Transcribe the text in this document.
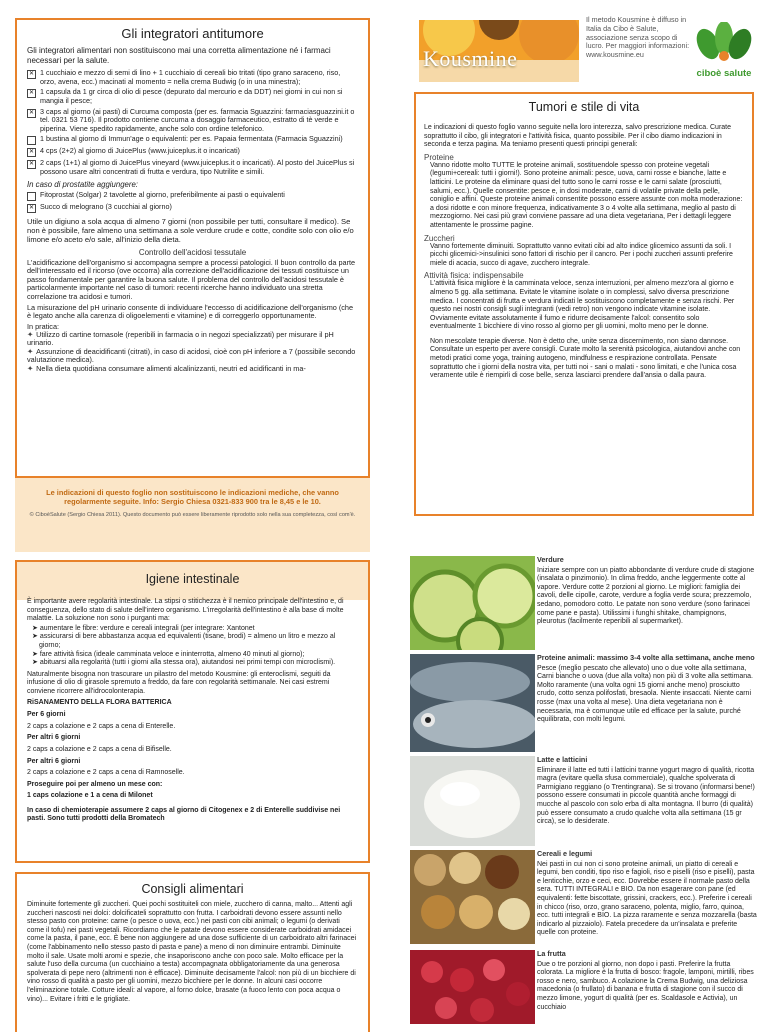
Gli integratori antitumore

Gli integratori alimentari non sostituiscono mai una corretta alimentazione né i farmaci necessari per la salute.

✕ 1 cucchiaio e mezzo di semi di lino + 1 cucchiaio di cereali bio tritati (tipo grano saraceno, riso, orzo, avena, ecc.) macinati al momento = nella crema Budwig (o in una minestra);
✕ 1 capsula da 1 gr circa di olio di pesce (depurato dal mercurio e da DDT) nei giorni in cui non si mangia il pesce;
✕ 3 caps al giorno (ai pasti) di Curcuma composta (per es. farmacia Sguazzini: farmaciasguazzini.it o tel. 0321 53 716). Il prodotto contiene curcuma a dosaggio farmaceutico, estratto di tè verde e piperina. Viene spedito rapidamente, anche solo con ordine telefonico.
1 bustina al giorno di Immun'age o equivalenti: per es. Papaia fermentata (Farmacia Sguazzini)
✕ 4 cps (2+2) al giorno di JuicePlus (www.juiceplus.it o incaricati)
✕ 2 caps (1+1) al giorno di JuicePlus vineyard (www.juiceplus.it o incaricati). Al posto del JuicePlus si possono usare altri concentrati di frutta e verdura, tipo Nutrilite e simili.

In caso di prostatite aggiungere:

Fitoprostat (Solgar) 2 tavolette al giorno, preferibilmente ai pasti o equivalenti
✕ Succo di melograno (3 cucchiai al giorno)

Utile un digiuno a sola acqua di almeno 7 giorni (non possibile per tutti, consultare il medico). Se non è possibile, fare almeno una settimana a sole verdure crude e cotte, condite solo con olio e/o limone e/o aceto e/o sale, all'inizio della dieta.

Controllo dell'acidosi tessutale

L'acidificazione dell'organismo si accompagna sempre a processi patologici. Il buon controllo da parte dell'interessato ed il ricorso (ove occorra) alla correzione dell'acidificazione dei tessuti costituisce un passo fondamentale per garantire la buona salute. Il problema del controllo dell'acidosi tessutale è particolarmente importante nel caso di tumori: recenti ricerche hanno individuato una stretta correlazione tra acidosi e tumori.

La misurazione del pH urinario consente di individuare l'eccesso di acidificazione dell'organismo (che è legato anche alla carenza di oligoelementi e vitamine) e di correggerlo opportunamente.

In pratica:

✦ Utilizzo di cartine tornasole (reperibili in farmacia o in negozi specializzati) per misurare il pH urinario.

✦ Assunzione di deacidificanti (citrati), in caso di acidosi, cioè con pH inferiore a 7 (possibile secondo valutazione medica).

✦ Nella dieta quotidiana consumare alimenti alcalinizzanti, neutri ed acidificanti in ma-

Le indicazioni di questo foglio non sostituiscono le indicazioni mediche, che vanno regolarmente seguite. Info: Sergio Chiesa 0321-833 900 tra le 8,45 e le 10.

© CiboèSalute (Sergio Chiesa 2011). Questo documento può essere liberamente riprodotto solo nella sua completezza, così com'è.

Kousmine

Il metodo Kousmine è diffuso in Italia da Cibo è Salute, associazione senza scopo di lucro. Per maggiori informazioni: www.kousmine.eu

ciboè salute
Tumori e stile di vita

Le indicazioni di questo foglio vanno seguite nella loro interezza, salvo prescrizione medica. Curate soprattutto il cibo, gli integratori e l'attività fisica, quanto possibile. Per il cibo diamo indicazioni in seconda e terza pagina. Ma teniamo presenti questi principi generali:

Proteine

Vanno ridotte molto TUTTE le proteine animali, sostituendole spesso con proteine vegetali (legumi+cereali: tutti i giorni!). Sono proteine animali: pesce, uova, carni rosse e bianche, latte e latticini. Le proteine da eliminare quasi del tutto sono le carni rosse e le carni salate (prosciutti, salumi, ecc.). Quelle consentite: pesce e, in dosi moderate, carni di volatile private della pelle, coniglio e affini. Queste proteine animali consentite possono essere assunte con molta moderazione: a dosi ridotte e con minore frequenza, indicativamente 3 o 4 volte alla settimana, meglio al pasto di mezzogiorno. Nei casi più gravi conviene passare ad una dieta vegetariana, Per i dettagli leggere attentamente le prossime pagine.

Zuccheri

Vanno fortemente diminuiti. Soprattutto vanno evitati cibi ad alto indice glicemico assunti da soli. I picchi glicemici->insulinici sono fattori di rischio per il cancro. Per i pochi zuccheri assunti preferire miele di acacia, succo di agave, zucchero integrale.

Attività fisica: indispensabile

L'attività fisica migliore è la camminata veloce, senza interruzioni, per almeno mezz'ora al giorno e almeno 5 gg. alla settimana. Evitate le vitamine isolate o in complessi, salvo diversa prescrizione medica. I concentrati di frutta e verdura indicati le sostituiscono completamente e senza rischi. Per questo nei nostri consigli sugli integranti (vedi retro) non vengono indicate vitamine isolate. Ovviamente evitate assolutamente il fumo e ridurre decisamente l'alcol: consentito solo eventualmente 1 bicchiere di vino rosso al giorno per gli uomini, molto meno per le donne.

Non mescolate terapie diverse. Non è detto che, unite senza discernimento, non siano dannose. Consultate un esperto per avere consigli. Curate molto la serenità psicologica, aiutandovi anche con metodi pratici come yoga, training autogeno, mindfulness e respirazione controllata. Pensate soprattutto che i giorni della nostra vita, per tutti noi - sani o malati - sono limitati, e che l'unica cosa veramente utile è riempirli di cose belle, senza lasciarci prendere dall'ansia o dalla paura.

Igiene intestinale

È importante avere regolarità intestinale. La stipsi o stitichezza è il nemico principale dell'intestino e, di conseguenza, dello stato di salute dell'intero organismo. L'irregolarità dell'intestino è alla base di molte malattie. La soluzione non sono i purganti ma:

➤ aumentare le fibre: verdure e cereali integrali (per integrare: Xantonet

➤ assicurarsi di bere abbastanza acqua ed equivalenti (tisane, brodi) = almeno un litro e mezzo al giorno;

➤ fare attività fisica (ideale camminata veloce e ininterrotta, almeno 40 minuti al giorno);

➤ abituarsi alla regolarità (tutti i giorni alla stessa ora), aiutandosi nei primi tempi con microclismi).

Naturalmente bisogna non trascurare un pilastro del metodo Kousmine: gli enteroclismi, seguiti da infusione di olio di girasole spremuto a freddo, da fare con regolarità settimanale. Nei casi estremi conviene ricorrere all'idrocolonterapia.

RiSANAMENTO DELLA FLORA BATTERICA

Per 6 giorni

2 caps a colazione e 2 caps a cena di Enterelle.

Per altri 6 giorni

2 caps a colazione e 2 caps a cena di Bifiselle.

Per altri 6 giorni

2 caps a colazione e 2 caps a cena di Ramnoselle.

Proseguire poi per almeno un mese con:

1 caps colazione e 1 a cena di Milonet

In caso di chemioterapie assumere 2 caps al giorno di Citogenex e 2 di Enterelle suddivise nei pasti. Sono tutti prodotti della Bromatech

Consigli alimentari

Diminuite fortemente gli zuccheri. Quei pochi sostituiteli con miele, zucchero di canna, malto... Attenti agli zuccheri nascosti nei dolci: dolcificateli soprattutto con frutta. I carboidrati devono essere assunti nello stesso pasto con proteine: carne (o pesce o uova, ecc.) nei pasti con cibi animali; o legumi (o derivati come il tofu) nei pasti vegetali. Ricordiamo che le patate devono essere considerate carboidrati amidacei come la pasta, il pane, ecc. È bene non aggiungere ad una dose sufficiente di un carboidrato altri farinacei (come l'abbinamento nello stesso pasto di pasta e pane) a meno di non diminuire entrambi. Diminuite molto il sale. Usate molti aromi e spezie, che insaporiscono anche con poco sale. Molto efficace per la salute l'uso della curcuma (un cucchiaino a testa) accompagnata obbligatoriamente da una generosa spolverata di pepe nero (altrimenti non è efficace). Diminuite decisamente l'alcol: non più di un bicchiere di vino rosso di qualità a pasto per gli uomini, mezzo bicchiere per le donne. In alcuni casi occorre l'eliminazione totale. Cotture ideali: al vapore, al forno dolce, brasate (a fuoco lento con poca acqua o vino)... Evitare i fritti e le grigliate.

Verdure

Iniziare sempre con un piatto abbondante di verdure crude di stagione (insalata o pinzimonio). In clima freddo, anche leggermente cotte al vapore. Verdure cotte 2 porzioni al giorno. Le migliori: famiglia dei cavoli, delle cipolle, carote, verdure a foglia verde scura; prezzemolo, sedano, pomodoro cotto. Le patate non sono verdure (sono farinacei come pane e pasta). Utilissimi i funghi shitake, champignons, pleurotus (facilmente reperibili al supermarket).

Proteine animali: massimo 3-4 volte alla settimana, anche meno

Pesce (meglio pescato che allevato) uno o due volte alla settimana, Carni bianche o uova (due alla volta) non più di 3 volte alla settimana. Molto raramente (una volta ogni 15 giorni anche meno) prosciutto crudo, cotto senza polifosfati, bresaola. Niente insaccati. Niente carni rosse (max una volta al mese). Una dieta vegetariana non è necessaria, ma è comunque utile ed efficace per la salute, purché equilibrata, con molti legumi.

Latte e latticini

Eliminare il latte ed tutti i latticini tranne yogurt magro di qualità, ricotta magra (evitare quella sfusa commerciale), qualche spolverata di Parmigiano reggiano (o Trentingrana). Se si trovano (informarsi bene!) possono essere consumati in piccole quantità anche formaggi di mucche al pascolo con solo erba di alta montagna. Il burro (di qualità) può essere consumato a crudo qualche volta alla settimana (15 gr circa), se lo desiderate.

Cereali e legumi

Nei pasti in cui non ci sono proteine animali, un piatto di cereali e legumi, ben conditi, tipo riso e fagioli, riso e piselli (riso e piselli), pasta e lenticchie, orzo e ceci, ecc. Dovrebbe essere il normale pasto della sera. TUTTI INTEGRALI e BIO. Da non esagerare con pane (ed equivalenti: fette biscottate, grissini, crackers, ecc.). Preferire i cereali in chicco (riso, orzo, grano saraceno, polenta, miglio, farro, quinoa, ecc. tutti integrali e BIO. La pizza raramente e senza mozzarella (basta indicarlo al pizzaiolo). Fatela precedere da un'insalata e preferite quelle con proteine.

La frutta

Due o tre porzioni al giorno, non dopo i pasti. Preferire la frutta colorata. La migliore è la frutta di bosco: fragole, lamponi, mirtilli, ribes rosso e nero, sambuco. A colazione la Crema Budwig, una deliziosa macedonia (o frullato) di banana e frutta di stagione con il succo di mezzo limone, yogurt di qualità (per es. Scaldasole e Activia), un cucchiaio
